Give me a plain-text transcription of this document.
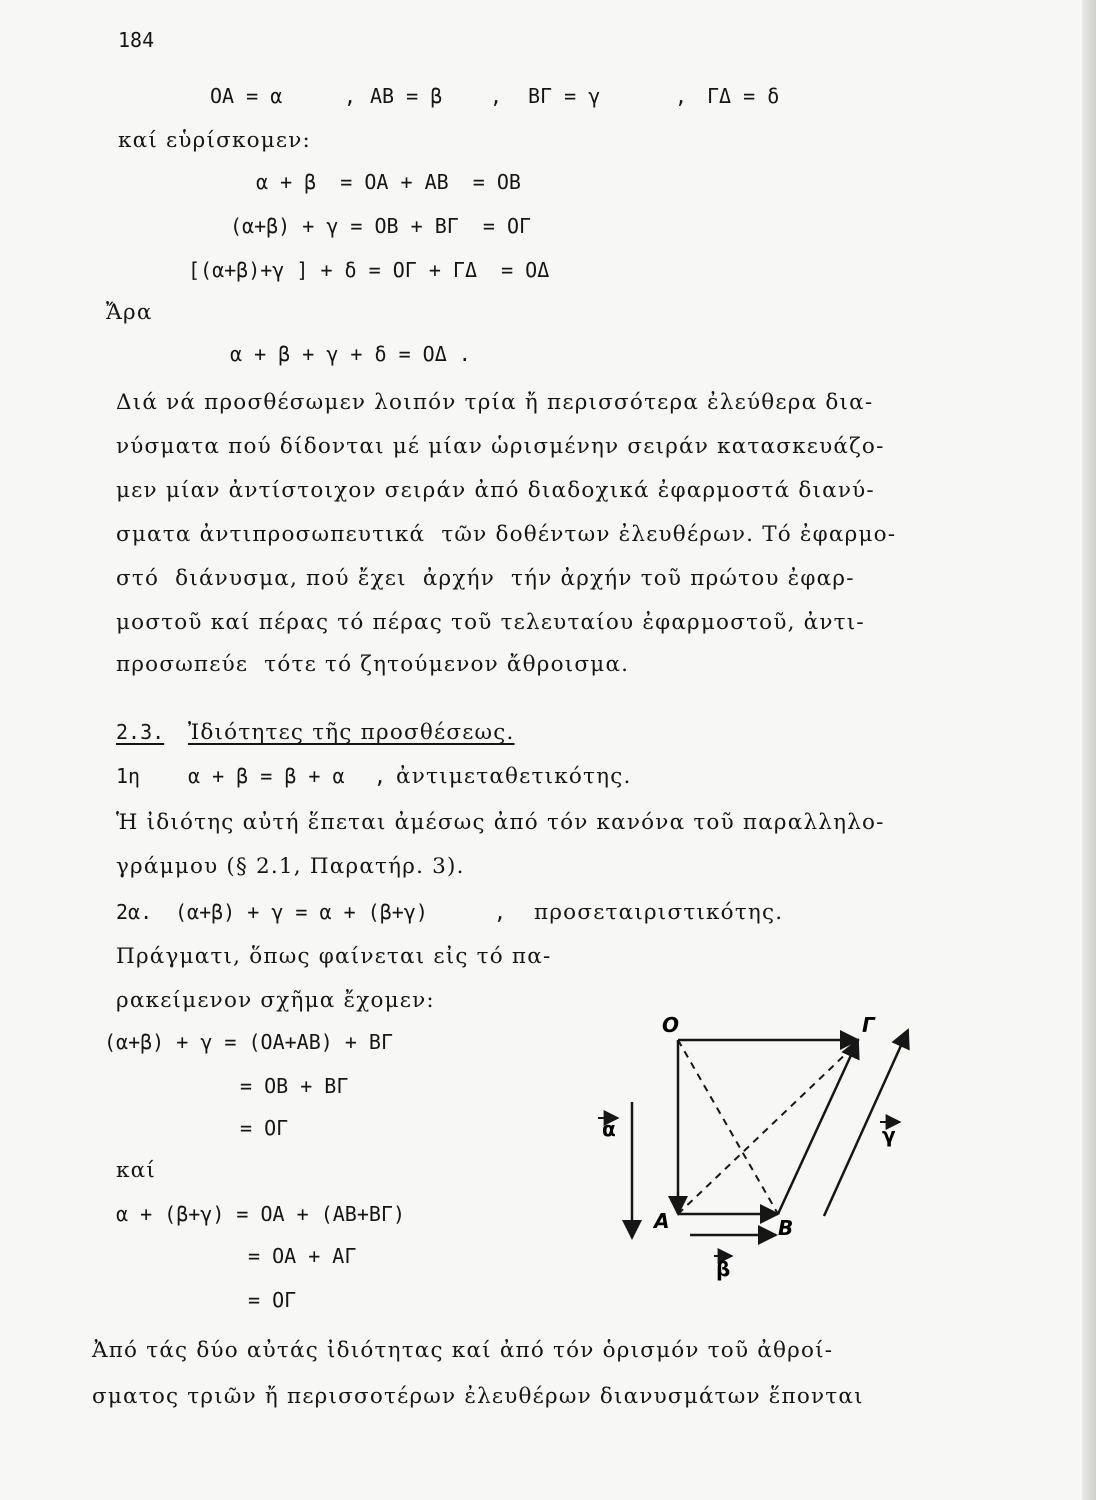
184
OA = α	, AB = β , ΒΓ = γ	, ΓΔ = δ
καί εὑρίσκομεν:
α + β  = OA + AB  = OB
(α+β) + γ = OB + ΒΓ  = ΟΓ
[(α+β)+γ ] + δ = ΟΓ + ΓΔ  = ΟΔ
Ἄρα
α + β + γ + δ = ΟΔ .
Διά νά προσθέσωμεν λοιπόν τρία ἤ περισσότερα ἐλεύθερα δια-
νύσματα πού δίδονται μέ μίαν ὡρισμένην σειράν κατασκευάζο-
μεν μίαν ἀντίστοιχον σειράν ἀπό διαδοχικά ἐφαρμοστά διανύ-
σματα ἀντιπροσωπευτικά  τῶν δοθέντων ἐλευθέρων. Τό ἐφαρμο-
στό  διάνυσμα, πού ἔχει  ἀρχήν  τήν ἀρχήν τοῦ πρώτου ἐφαρ-
μοστοῦ καί πέρας τό πέρας τοῦ τελευταίου ἐφαρμοστοῦ, ἀντι-
προσωπεύε  τότε τό ζητούμενον ἄθροισμα.
2.3. Ἰδιότητες τῆς προσθέσεως.
1η α + β = β + α , ἀντιμεταθετικότης.
Ἡ ἰδιότης αὐτή ἕπεται ἀμέσως ἀπό τόν κανόνα τοῦ παραλληλο-
γράμμου (§ 2.1, Παρατήρ. 3).
2α. (α+β) + γ = α + (β+γ)	, προσεταιριστικότης.
Πράγματι, ὅπως φαίνεται εἰς τό πα-
ρακείμενον σχῆμα ἔχομεν:
(α+β) + γ = (OA+AB) + ΒΓ
= OB + ΒΓ
= ΟΓ
καί
α + (β+γ) = OA + (AB+ΒΓ)
= OA + ΑΓ
= ΟΓ
Ἀπό τάς δύο αὐτάς ἰδιότητας καί ἀπό τόν ὁρισμόν τοῦ ἀθροί-
σματος τριῶν ἤ περισσοτέρων ἐλευθέρων διανυσμάτων ἕπονται
O
A	B
Γ
α
β
γ
